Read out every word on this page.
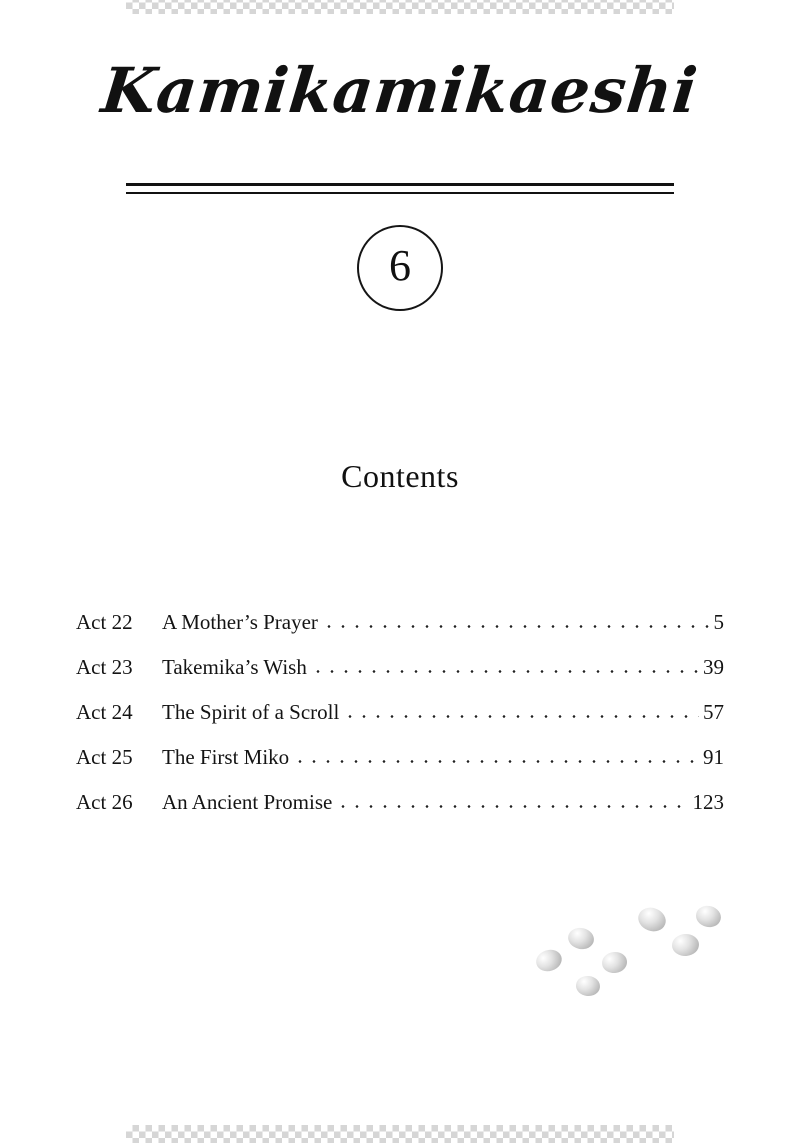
Kamikamikaeshi
6
Contents
Act 22	A Mother’s Prayer	5
Act 23	Takemika’s Wish	39
Act 24	The Spirit of a Scroll	57
Act 25	The First Miko	91
Act 26	An Ancient Promise	123
